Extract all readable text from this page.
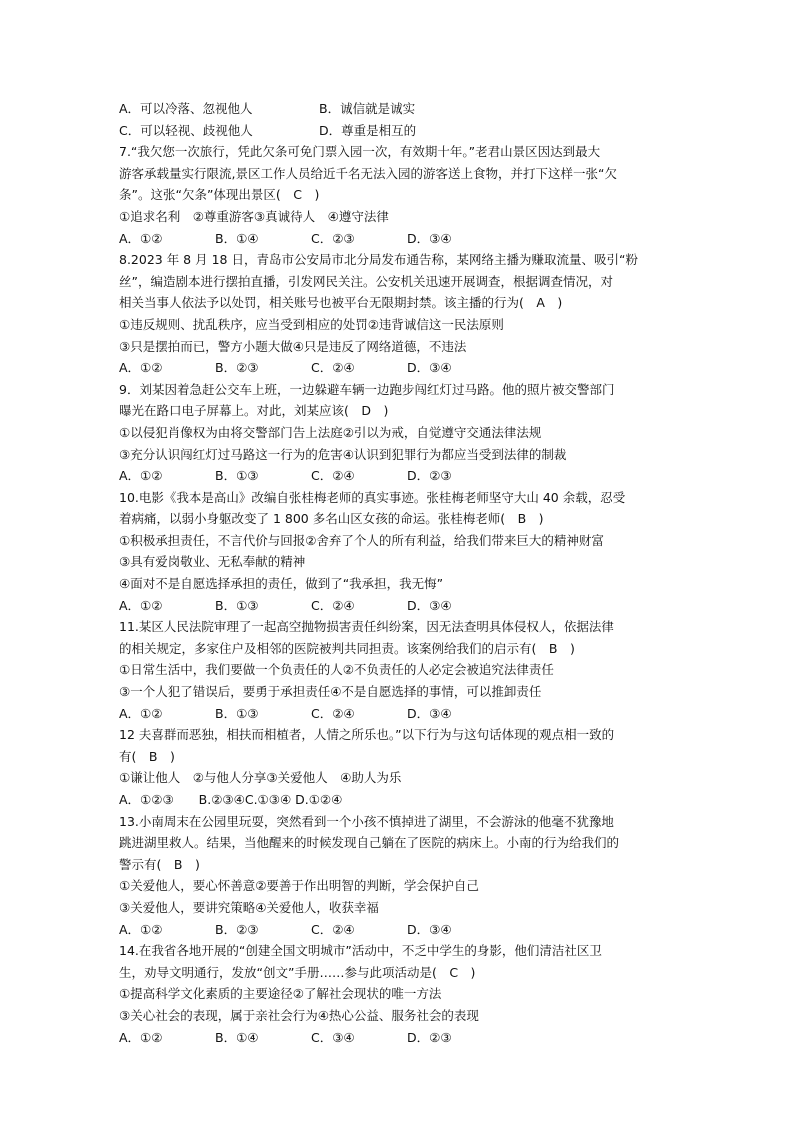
A．可以冷落、忽视他人	B．诚信就是诚实
C．可以轻视、歧视他人	D．尊重是相互的
7.“我欠您一次旅行，凭此欠条可免门票入园一次，有效期十年。”老君山景区因达到最大
游客承载量实行限流,景区工作人员给近千名无法入园的游客送上食物，并打下这样一张“欠
条”。这张“欠条”体现出景区(　C　)
①追求名利　②尊重游客③真诚待人　④遵守法律
A．①②	B．①④	C．②③	D．③④
8.2023 年 8 月 18 日，青岛市公安局市北分局发布通告称，某网络主播为赚取流量、吸引“粉
丝”，编造剧本进行摆拍直播，引发网民关注。公安机关迅速开展调查，根据调查情况，对
相关当事人依法予以处罚，相关账号也被平台无限期封禁。该主播的行为(　A　)
①违反规则、扰乱秩序，应当受到相应的处罚②违背诚信这一民法原则
③只是摆拍而已，警方小题大做④只是违反了网络道德，不违法
A．①②	B．②③	C．②④	D．③④
9．刘某因着急赶公交车上班，一边躲避车辆一边跑步闯红灯过马路。他的照片被交警部门
曝光在路口电子屏幕上。对此，刘某应该(　D　)
①以侵犯肖像权为由将交警部门告上法庭②引以为戒，自觉遵守交通法律法规
③充分认识闯红灯过马路这一行为的危害④认识到犯罪行为都应当受到法律的制裁
A．①②	B．①③	C．②④	D．②③
10.电影《我本是高山》改编自张桂梅老师的真实事迹。张桂梅老师坚守大山 40 余载，忍受
着病痛，以弱小身躯改变了 1 800 多名山区女孩的命运。张桂梅老师(　B　)
①积极承担责任，不言代价与回报②舍弃了个人的所有利益，给我们带来巨大的精神财富
③具有爱岗敬业、无私奉献的精神
④面对不是自愿选择承担的责任，做到了“我承担，我无悔”
A．①②	B．①③	C．②④	D．③④
11.某区人民法院审理了一起高空抛物损害责任纠纷案，因无法查明具体侵权人，依据法律
的相关规定，多家住户及相邻的医院被判共同担责。该案例给我们的启示有(　B　)
①日常生活中，我们要做一个负责任的人②不负责任的人必定会被追究法律责任
③一个人犯了错误后，要勇于承担责任④不是自愿选择的事情，可以推卸责任
A．①②	B．①③	C．②④	D．③④
12 夫喜群而恶独，相扶而相植者，人情之所乐也。”以下行为与这句话体现的观点相一致的
有(　B　)
①谦让他人　②与他人分享③关爱他人　④助人为乐
A．①②③　　B.②③④C.①③④ D.①②④
13.小南周末在公园里玩耍，突然看到一个小孩不慎掉进了湖里，不会游泳的他毫不犹豫地
跳进湖里救人。结果，当他醒来的时候发现自己躺在了医院的病床上。小南的行为给我们的
警示有(　B　)
①关爱他人，要心怀善意②要善于作出明智的判断，学会保护自己
③关爱他人，要讲究策略④关爱他人，收获幸福
A．①②	B．②③	C．②④	D．③④
14.在我省各地开展的“创建全国文明城市”活动中，不乏中学生的身影，他们清洁社区卫
生，劝导文明通行，发放“创文”手册……参与此项活动是(　C　)
①提高科学文化素质的主要途径②了解社会现状的唯一方法
③关心社会的表现，属于亲社会行为④热心公益、服务社会的表现
A．①②	B．①④	C．③④	D．②③
